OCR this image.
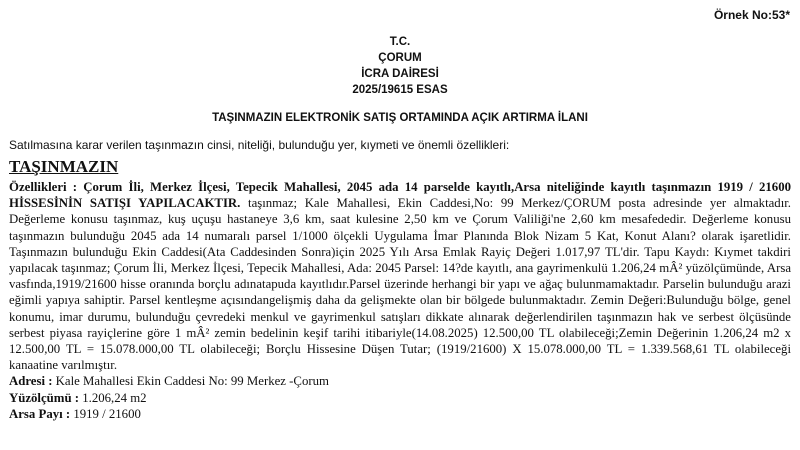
Örnek No:53*
T.C.
ÇORUM
İCRA DAİRESİ
2025/19615 ESAS
TAŞINMAZIN ELEKTRONİK SATIŞ ORTAMINDA AÇIK ARTIRMA İLANI
Satılmasına karar verilen taşınmazın cinsi, niteliği, bulunduğu yer, kıymeti ve önemli özellikleri:
TAŞINMAZIN

Özellikleri : Çorum İli, Merkez İlçesi, Tepecik Mahallesi, 2045 ada 14 parselde kayıtlı,Arsa niteliğinde kayıtlı taşınmazın 1919 / 21600 HİSSESİNİN SATIŞI YAPILACAKTIR. taşınmaz; Kale Mahallesi, Ekin Caddesi,No: 99 Merkez/ÇORUM posta adresinde yer almaktadır. Değerleme konusu taşınmaz, kuş uçuşu hastaneye 3,6 km, saat kulesine 2,50 km ve Çorum Valiliği'ne 2,60 km mesafededir. Değerleme konusu taşınmazın bulunduğu 2045 ada 14 numaralı parsel 1/1000 ölçekli Uygulama İmar Planında Blok Nizam 5 Kat, Konut Alanı? olarak işaretlidir. Taşınmazın bulunduğu Ekin Caddesi(Ata Caddesinden Sonra)için 2025 Yılı Arsa Emlak Rayiç Değeri 1.017,97 TL'dir. Tapu Kaydı: Kıymet takdiri yapılacak taşınmaz; Çorum İli, Merkez İlçesi, Tepecik Mahallesi, Ada: 2045 Parsel: 14?de kayıtlı, ana gayrimenkulü 1.206,24 mÂ² yüzölçümünde, Arsa vasfında,1919/21600 hisse oranında borçlu adınatapuda kayıtlıdır.Parsel üzerinde herhangi bir yapı ve ağaç bulunmamaktadır. Parselin bulunduğu arazi eğimli yapıya sahiptir. Parsel kentleşme açısındangelişmiş daha da gelişmekte olan bir bölgede bulunmaktadır. Zemin Değeri:Bulunduğu bölge, genel konumu, imar durumu, bulunduğu çevredeki menkul ve gayrimenkul satışları dikkate alınarak değerlendirilen taşınmazın hak ve serbest ölçüsünde serbest piyasa rayiçlerine göre 1 mÂ² zemin bedelinin keşif tarihi itibariyle(14.08.2025) 12.500,00 TL olabileceği;Zemin Değerinin 1.206,24 m2 x 12.500,00 TL = 15.078.000,00 TL olabileceği; Borçlu Hissesine Düşen Tutar; (1919/21600) X 15.078.000,00 TL = 1.339.568,61 TL olabileceği kanaatine varılmıştır.

Adresi : Kale Mahallesi Ekin Caddesi No: 99 Merkez -Çorum

Yüzölçümü : 1.206,24 m2

Arsa Payı : 1919 / 21600
